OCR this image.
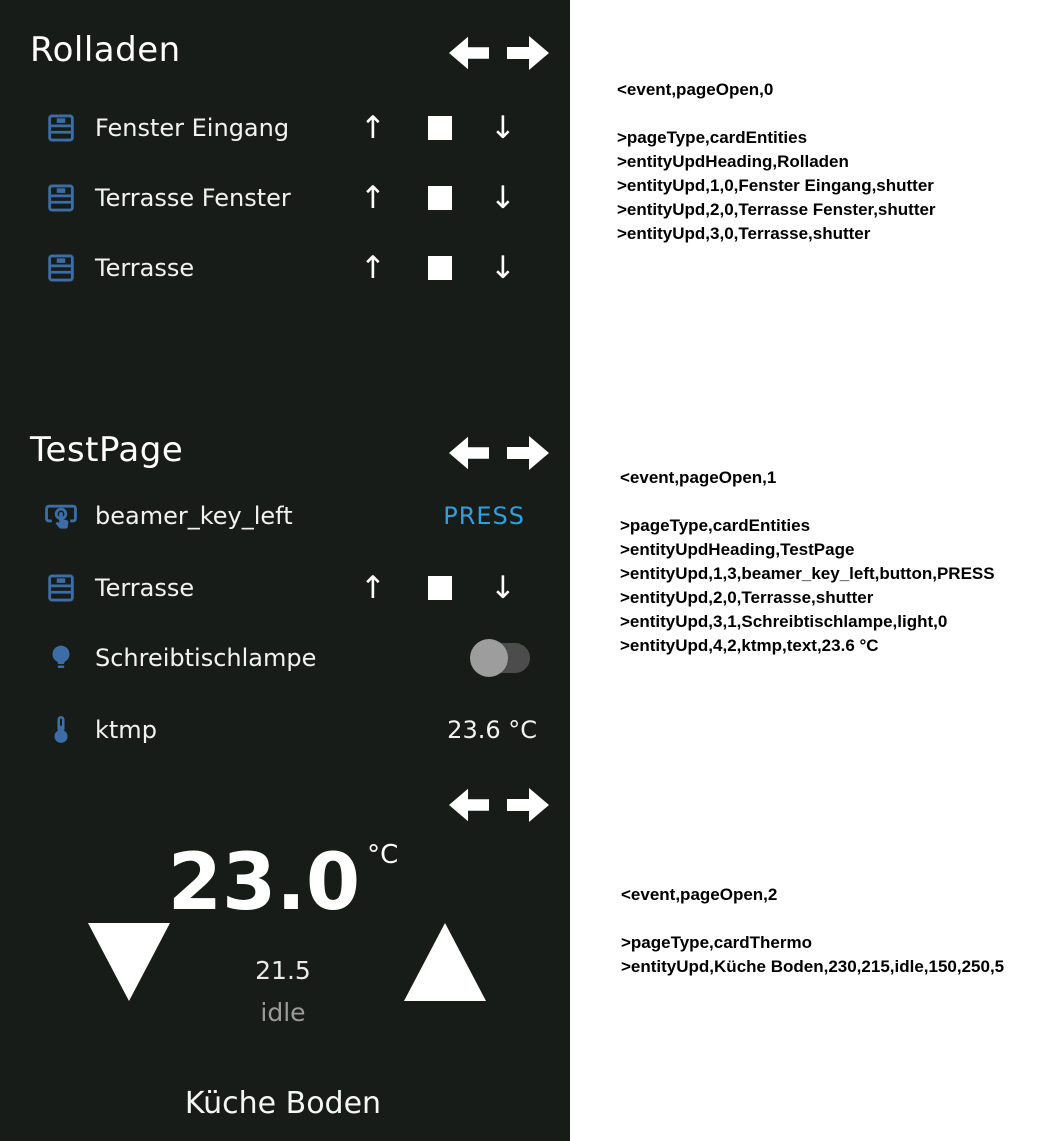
Rolladen
Fenster Eingang ↑	↓
Terrasse Fenster ↑	↓
Terrasse	↑	↓
TestPage
beamer_key_left	PRESS
Terrasse	↑	↓
Schreibtischlampe
ktmp	23.6 °C
23.0 °C
21.5
idle
Küche Boden
<event,pageOpen,0
>pageType,cardEntities
>entityUpdHeading,Rolladen
>entityUpd,1,0,Fenster Eingang,shutter
>entityUpd,2,0,Terrasse Fenster,shutter
>entityUpd,3,0,Terrasse,shutter
<event,pageOpen,1
>pageType,cardEntities
>entityUpdHeading,TestPage
>entityUpd,1,3,beamer_key_left,button,PRESS
>entityUpd,2,0,Terrasse,shutter
>entityUpd,3,1,Schreibtischlampe,light,0
>entityUpd,4,2,ktmp,text,23.6 °C
<event,pageOpen,2
>pageType,cardThermo
>entityUpd,Küche Boden,230,215,idle,150,250,5
